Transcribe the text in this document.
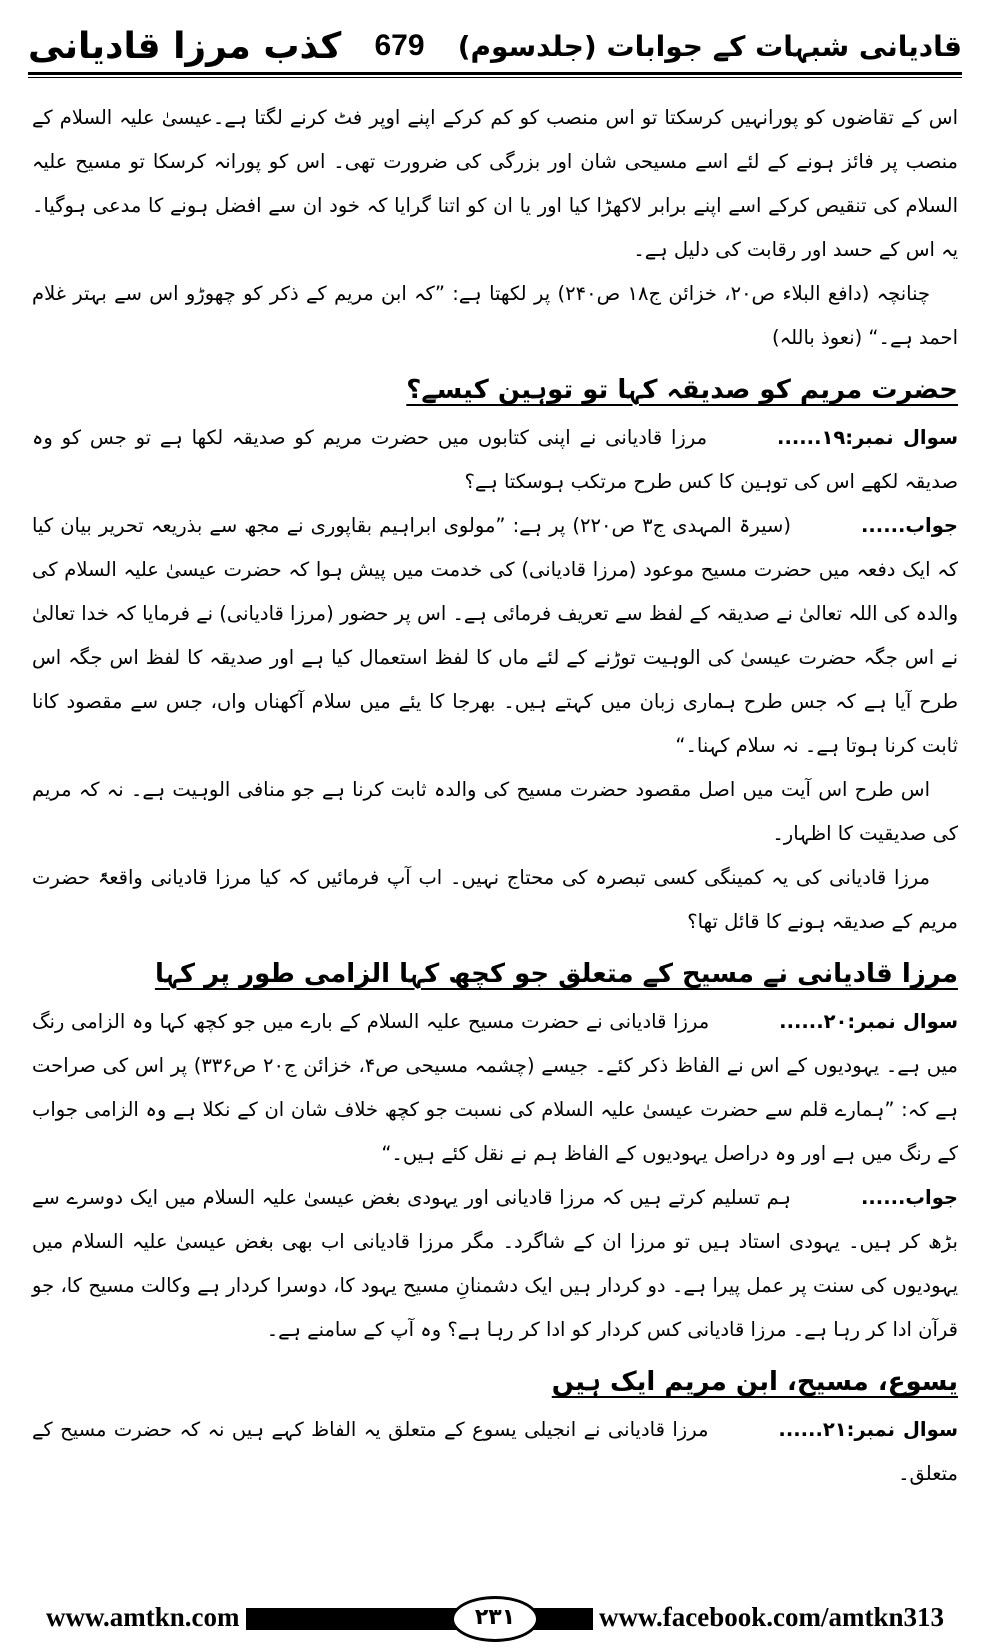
قادیانی شبہات کے جوابات (جلدسوم)
679
کذب مرزا قادیانی

اس کے تقاضوں کو پورانہیں کرسکتا تو اس منصب کو کم کرکے اپنے اوپر فٹ کرنے لگتا ہے۔عیسیٰ علیہ السلام کے منصب پر فائز ہونے کے لئے اسے مسیحی شان اور بزرگی کی ضرورت تھی۔ اس کو پورانہ کرسکا تو مسیح علیہ السلام کی تنقیص کرکے اسے اپنے برابر لاکھڑا کیا اور یا ان کو اتنا گرایا کہ خود ان سے افضل ہونے کا مدعی ہوگیا۔ یہ اس کے حسد اور رقابت کی دلیل ہے۔

چنانچہ (دافع البلاء ص۲۰، خزائن ج۱۸ ص۲۴۰) پر لکھتا ہے: ”کہ ابن مریم کے ذکر کو چھوڑو اس سے بہتر غلام احمد ہے۔“ (نعوذ باللہ)

حضرت مریم کو صدیقہ کہا تو توہین کیسے؟

سوال نمبر:۱۹......مرزا قادیانی نے اپنی کتابوں میں حضرت مریم کو صدیقہ لکھا ہے تو جس کو وہ صدیقہ لکھے اس کی توہین کا کس طرح مرتکب ہوسکتا ہے؟

جواب......(سیرۃ المہدی ج۳ ص۲۲۰) پر ہے: ”مولوی ابراہیم بقاپوری نے مجھ سے بذریعہ تحریر بیان کیا کہ ایک دفعہ میں حضرت مسیح موعود (مرزا قادیانی) کی خدمت میں پیش ہوا کہ حضرت عیسیٰ علیہ السلام کی والدہ کی اللہ تعالیٰ نے صدیقہ کے لفظ سے تعریف فرمائی ہے۔ اس پر حضور (مرزا قادیانی) نے فرمایا کہ خدا تعالیٰ نے اس جگہ حضرت عیسیٰ کی الوہیت توڑنے کے لئے ماں کا لفظ استعمال کیا ہے اور صدیقہ کا لفظ اس جگہ اس طرح آیا ہے کہ جس طرح ہماری زبان میں کہتے ہیں۔ بھرجا کا یئے میں سلام آکھناں واں، جس سے مقصود کانا ثابت کرنا ہوتا ہے۔ نہ سلام کہنا۔“

اس طرح اس آیت میں اصل مقصود حضرت مسیح کی والدہ ثابت کرنا ہے جو منافی الوہیت ہے۔ نہ کہ مریم کی صدیقیت کا اظہار۔

مرزا قادیانی کی یہ کمینگی کسی تبصرہ کی محتاج نہیں۔ اب آپ فرمائیں کہ کیا مرزا قادیانی واقعۃً حضرت مریم کے صدیقہ ہونے کا قائل تھا؟

مرزا قادیانی نے مسیح کے متعلق جو کچھ کہا الزامی طور پر کہا

سوال نمبر:۲۰......مرزا قادیانی نے حضرت مسیح علیہ السلام کے بارے میں جو کچھ کہا وہ الزامی رنگ میں ہے۔ یہودیوں کے اس نے الفاظ ذکر کئے۔ جیسے (چشمہ مسیحی ص۴، خزائن ج۲۰ ص۳۳۶) پر اس کی صراحت ہے کہ: ”ہمارے قلم سے حضرت عیسیٰ علیہ السلام کی نسبت جو کچھ خلاف شان ان کے نکلا ہے وہ الزامی جواب کے رنگ میں ہے اور وہ دراصل یہودیوں کے الفاظ ہم نے نقل کئے ہیں۔“

جواب......ہم تسلیم کرتے ہیں کہ مرزا قادیانی اور یہودی بغض عیسیٰ علیہ السلام میں ایک دوسرے سے بڑھ کر ہیں۔ یہودی استاد ہیں تو مرزا ان کے شاگرد۔ مگر مرزا قادیانی اب بھی بغض عیسیٰ علیہ السلام میں یہودیوں کی سنت پر عمل پیرا ہے۔ دو کردار ہیں ایک دشمنانِ مسیح یہود کا، دوسرا کردار ہے وکالت مسیح کا، جو قرآن ادا کر رہا ہے۔ مرزا قادیانی کس کردار کو ادا کر رہا ہے؟ وہ آپ کے سامنے ہے۔

یسوع، مسیح، ابن مریم ایک ہیں

سوال نمبر:۲۱......مرزا قادیانی نے انجیلی یسوع کے متعلق یہ الفاظ کہے ہیں نہ کہ حضرت مسیح کے متعلق۔

www.amtkn.com	۲۳۱	www.facebook.com/amtkn313
